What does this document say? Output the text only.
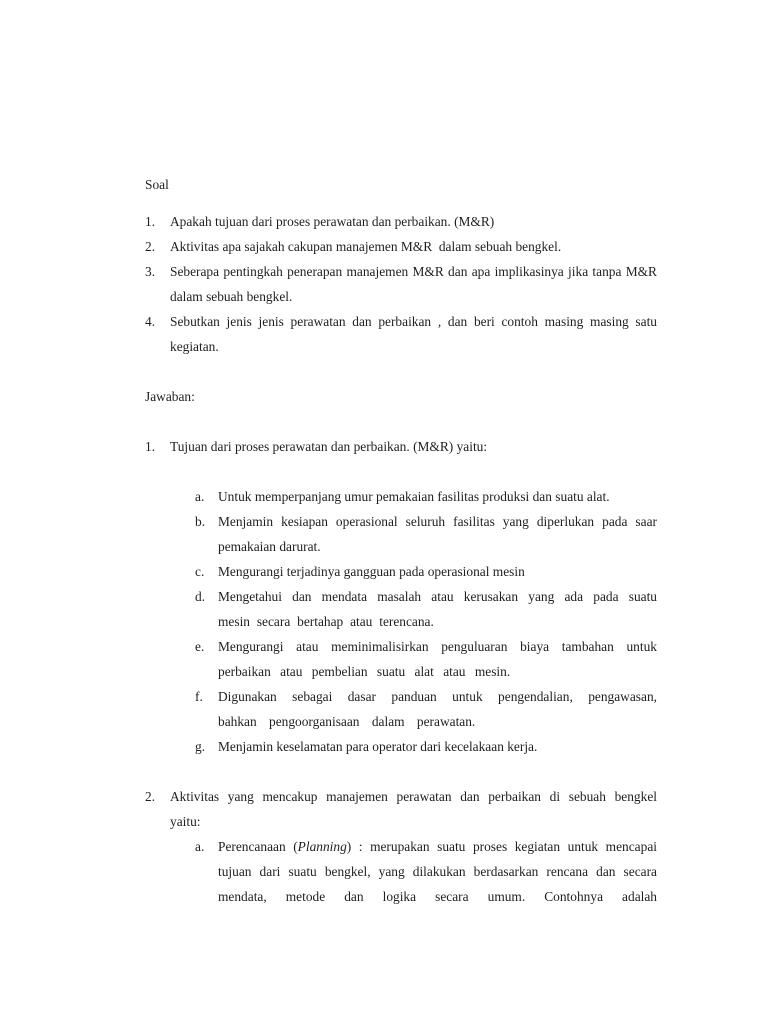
Soal

1. Apakah tujuan dari proses perawatan dan perbaikan. (M&R)
2. Aktivitas apa sajakah cakupan manajemen M&R  dalam sebuah bengkel.
3. Seberapa pentingkah penerapan manajemen M&R dan apa implikasinya jika tanpa M&R dalam sebuah bengkel.
4. Sebutkan jenis jenis perawatan dan perbaikan , dan beri contoh masing masing satu kegiatan.

Jawaban:

1. Tujuan dari proses perawatan dan perbaikan. (M&R) yaitu:
a. Untuk memperpanjang umur pemakaian fasilitas produksi dan suatu alat.
b. Menjamin kesiapan operasional seluruh fasilitas yang diperlukan pada saar pemakaian darurat.
c. Mengurangi terjadinya gangguan pada operasional mesin
d. Mengetahui dan mendata masalah atau kerusakan yang ada pada suatu mesin secara bertahap atau terencana.
e. Mengurangi atau meminimalisirkan penguluaran biaya tambahan untuk perbaikan atau pembelian suatu alat atau mesin.
f. Digunakan sebagai dasar panduan untuk pengendalian, pengawasan, bahkan pengoorganisaan dalam perawatan.
g. Menjamin keselamatan para operator dari kecelakaan kerja.
2. Aktivitas yang mencakup manajemen perawatan dan perbaikan di sebuah bengkel yaitu:
a. Perencanaan (Planning) : merupakan suatu proses kegiatan untuk mencapai tujuan dari suatu bengkel, yang dilakukan berdasarkan rencana dan secara mendata, metode dan logika secara umum. Contohnya adalah
